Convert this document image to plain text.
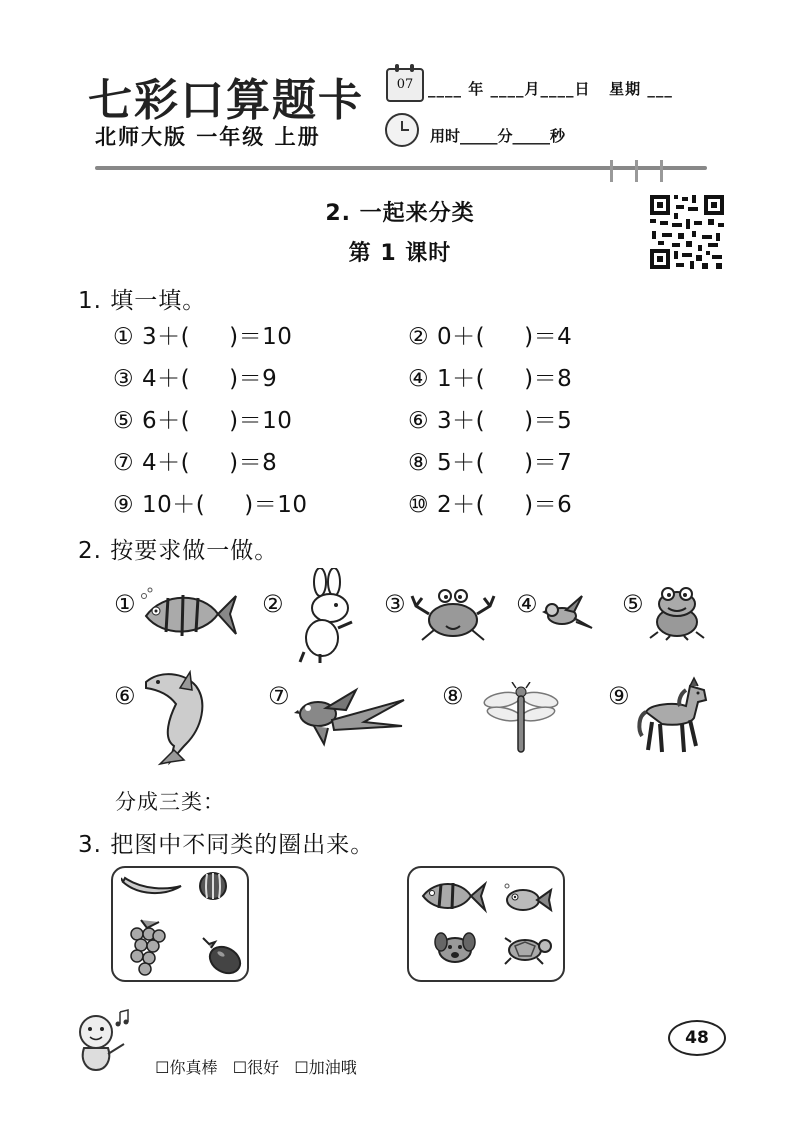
七彩口算题卡
北师大版 一年级 上册
07 ____ 年 ____月____日   星期 ___
用时_____分_____秒
2. 一起来分类
第 1 课时
1. 填一填。
① 3＋(     )＝10	② 0＋(     )＝4
③ 4＋(     )＝9	④ 1＋(     )＝8
⑤ 6＋(     )＝10	⑥ 3＋(     )＝5
⑦ 4＋(     )＝8	⑧ 5＋(     )＝7
⑨ 10＋(     )＝10	⑩ 2＋(     )＝6
2. 按要求做一做。
①	②	③	④	⑤
⑥	⑦	⑧	⑨
分成三类：
3. 把图中不同类的圈出来。

☐你真棒 ☐很好 ☐加油哦

48
